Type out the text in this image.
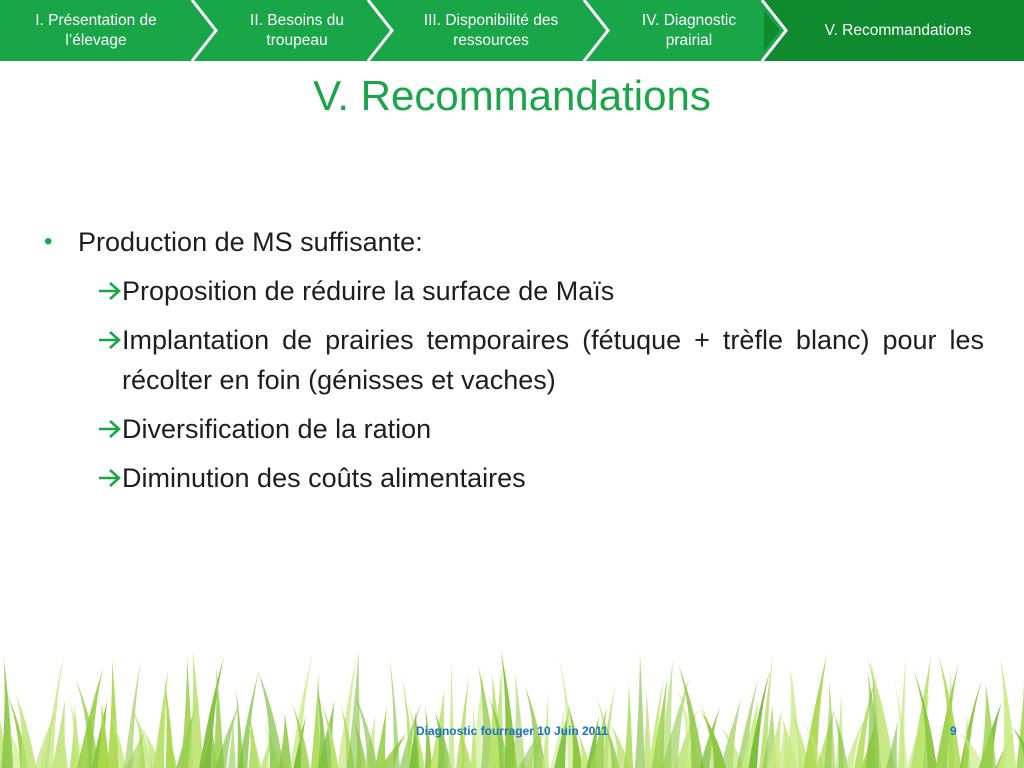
I. Présentation de l’élevage
II. Besoins du troupeau
III. Disponibilité des ressources
IV. Diagnostic prairial
V. Recommandations
V. Recommandations
• Production de MS suffisante:
Proposition de réduire la surface de Maïs
Implantation de prairies temporaires (fétuque + trèfle blanc) pour les récolter en foin (génisses et vaches)
Diversification de la ration
Diminution des coûts alimentaires
Diagnostic fourrager 10 Juin 2011	9
